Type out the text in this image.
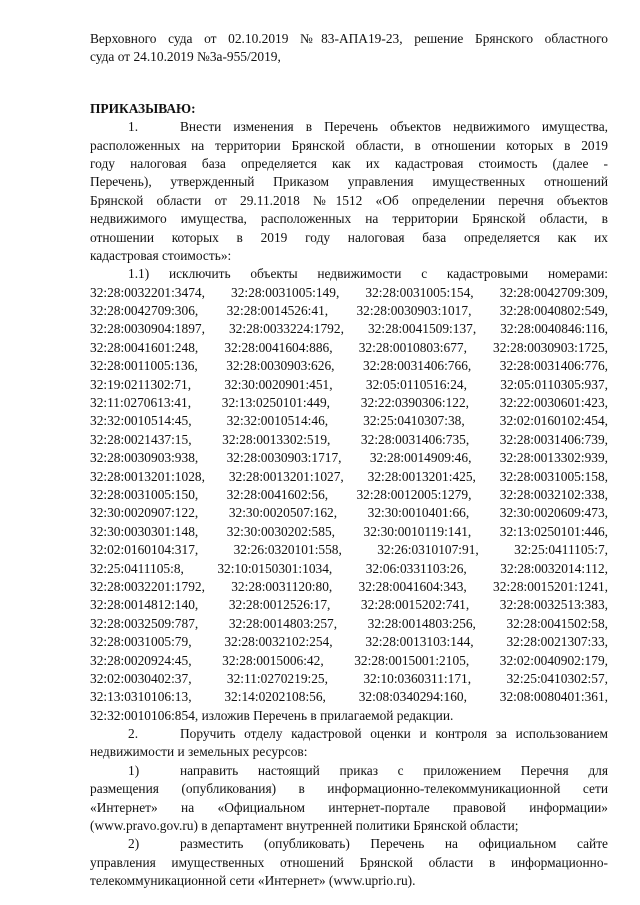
Верховного суда от 02.10.2019 №83-АПА19-23, решение Брянского областного
суда от 24.10.2019 №3а-955/2019,
ПРИКАЗЫВАЮ:
1.	Внести изменения в Перечень объектов недвижимого имущества,
расположенных на территории Брянской области, в отношении которых в 2019
году налоговая база определяется как их кадастровая стоимость (далее -
Перечень), утвержденный Приказом управления имущественных отношений
Брянской области от 29.11.2018 №1512 «Об определении перечня объектов
недвижимого имущества, расположенных на территории Брянской области, в
отношении которых в 2019 году налоговая база определяется как их
кадастровая стоимость»:
1.1) исключить объекты недвижимости с кадастровыми номерами:
32:28:0032201:3474, 32:28:0031005:149, 32:28:0031005:154, 32:28:0042709:309,
32:28:0042709:306, 32:28:0014526:41, 32:28:0030903:1017, 32:28:0040802:549,
32:28:0030904:1897, 32:28:0033224:1792, 32:28:0041509:137, 32:28:0040846:116,
32:28:0041601:248, 32:28:0041604:886, 32:28:0010803:677, 32:28:0030903:1725,
32:28:0011005:136, 32:28:0030903:626, 32:28:0031406:766, 32:28:0031406:776,
32:19:0211302:71, 32:30:0020901:451, 32:05:0110516:24, 32:05:0110305:937,
32:11:0270613:41, 32:13:0250101:449, 32:22:0390306:122, 32:22:0030601:423,
32:32:0010514:45, 32:32:0010514:46, 32:25:0410307:38, 32:02:0160102:454,
32:28:0021437:15, 32:28:0013302:519, 32:28:0031406:735, 32:28:0031406:739,
32:28:0030903:938, 32:28:0030903:1717, 32:28:0014909:46, 32:28:0013302:939,
32:28:0013201:1028, 32:28:0013201:1027, 32:28:0013201:425, 32:28:0031005:158,
32:28:0031005:150, 32:28:0041602:56, 32:28:0012005:1279, 32:28:0032102:338,
32:30:0020907:122, 32:30:0020507:162, 32:30:0010401:66, 32:30:0020609:473,
32:30:0030301:148, 32:30:0030202:585, 32:30:0010119:141, 32:13:0250101:446,
32:02:0160104:317, 32:26:0320101:558, 32:26:0310107:91, 32:25:0411105:7,
32:25:0411105:8, 32:10:0150301:1034, 32:06:0331103:26, 32:28:0032014:112,
32:28:0032201:1792, 32:28:0031120:80, 32:28:0041604:343, 32:28:0015201:1241,
32:28:0014812:140, 32:28:0012526:17, 32:28:0015202:741, 32:28:0032513:383,
32:28:0032509:787, 32:28:0014803:257, 32:28:0014803:256, 32:28:0041502:58,
32:28:0031005:79, 32:28:0032102:254, 32:28:0013103:144, 32:28:0021307:33,
32:28:0020924:45, 32:28:0015006:42, 32:28:0015001:2105, 32:02:0040902:179,
32:02:0030402:37, 32:11:0270219:25, 32:10:0360311:171, 32:25:0410302:57,
32:13:0310106:13, 32:14:0202108:56, 32:08:0340294:160, 32:08:0080401:361,
32:32:0010106:854, изложив Перечень в прилагаемой редакции.
2.	Поручить отделу кадастровой оценки и контроля за использованием
недвижимости и земельных ресурсов:
1)	направить настоящий приказ с приложением Перечня для
размещения (опубликования) в информационно-телекоммуникационной сети
«Интернет» на «Официальном интернет-портале правовой информации»
(www.pravo.gov.ru) в департамент внутренней политики Брянской области;
2)	разместить (опубликовать) Перечень на официальном сайте
управления имущественных отношений Брянской области в информационно-
телекоммуникационной сети «Интернет» (www.uprio.ru).
